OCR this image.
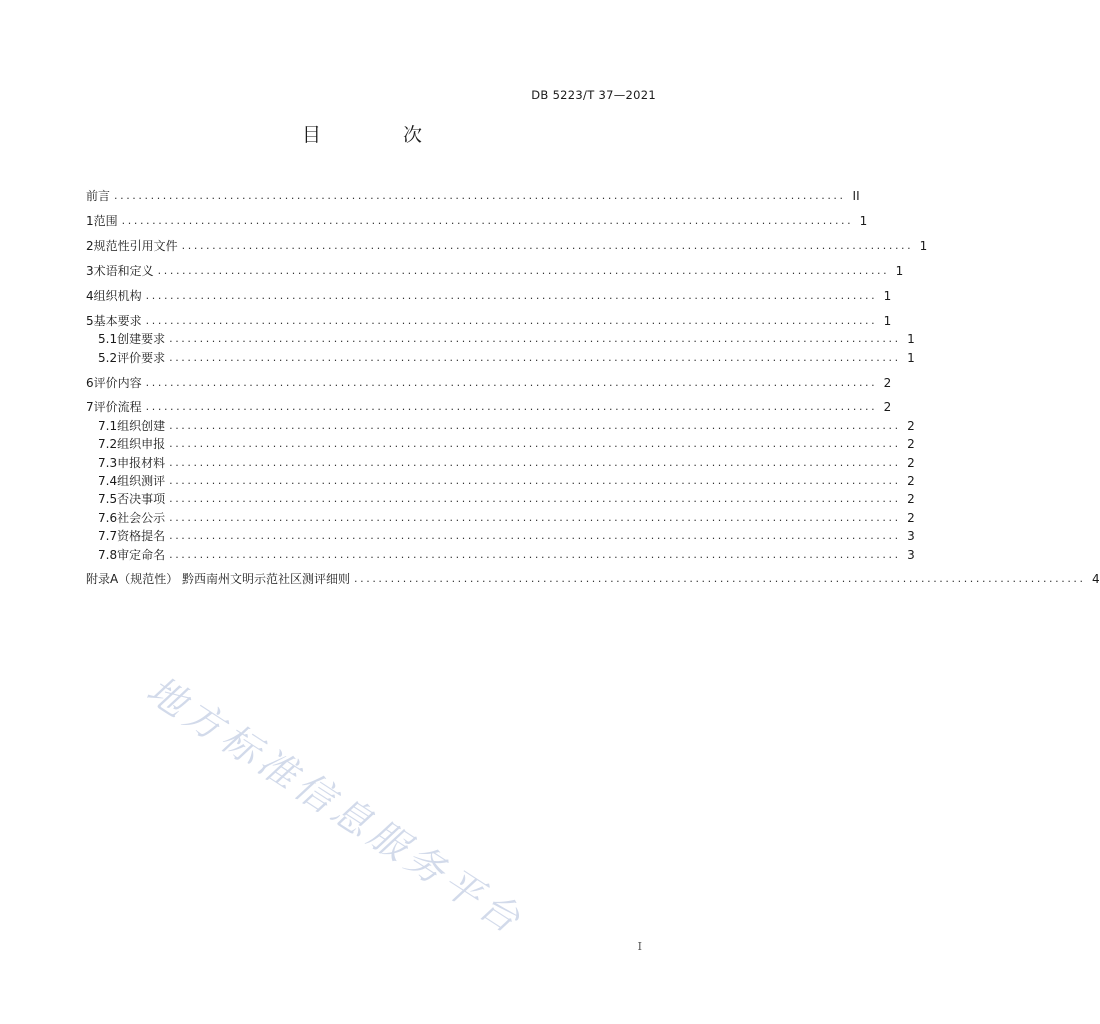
DB 5223/T 37—2021
目 次
前言 ........................................................................................................................ II
1 范围 ........................................................................................................................ 1
2 规范性引用文件 ........................................................................................................................ 1
3 术语和定义 ........................................................................................................................ 1
4 组织机构 ........................................................................................................................ 1
5 基本要求 ........................................................................................................................ 1
5.1 创建要求 ........................................................................................................................ 1
5.2 评价要求 ........................................................................................................................ 1
6 评价内容 ........................................................................................................................ 2
7 评价流程 ........................................................................................................................ 2
7.1 组织创建 ........................................................................................................................ 2
7.2 组织申报 ........................................................................................................................ 2
7.3 申报材料 ........................................................................................................................ 2
7.4 组织测评 ........................................................................................................................ 2
7.5 否决事项 ........................................................................................................................ 2
7.6 社会公示 ........................................................................................................................ 2
7.7 资格提名 ........................................................................................................................ 3
7.8 审定命名 ........................................................................................................................ 3
附录A（规范性） 黔西南州文明示范社区测评细则 ........................................................................................................................ 4
地方标准信息服务平台
I
